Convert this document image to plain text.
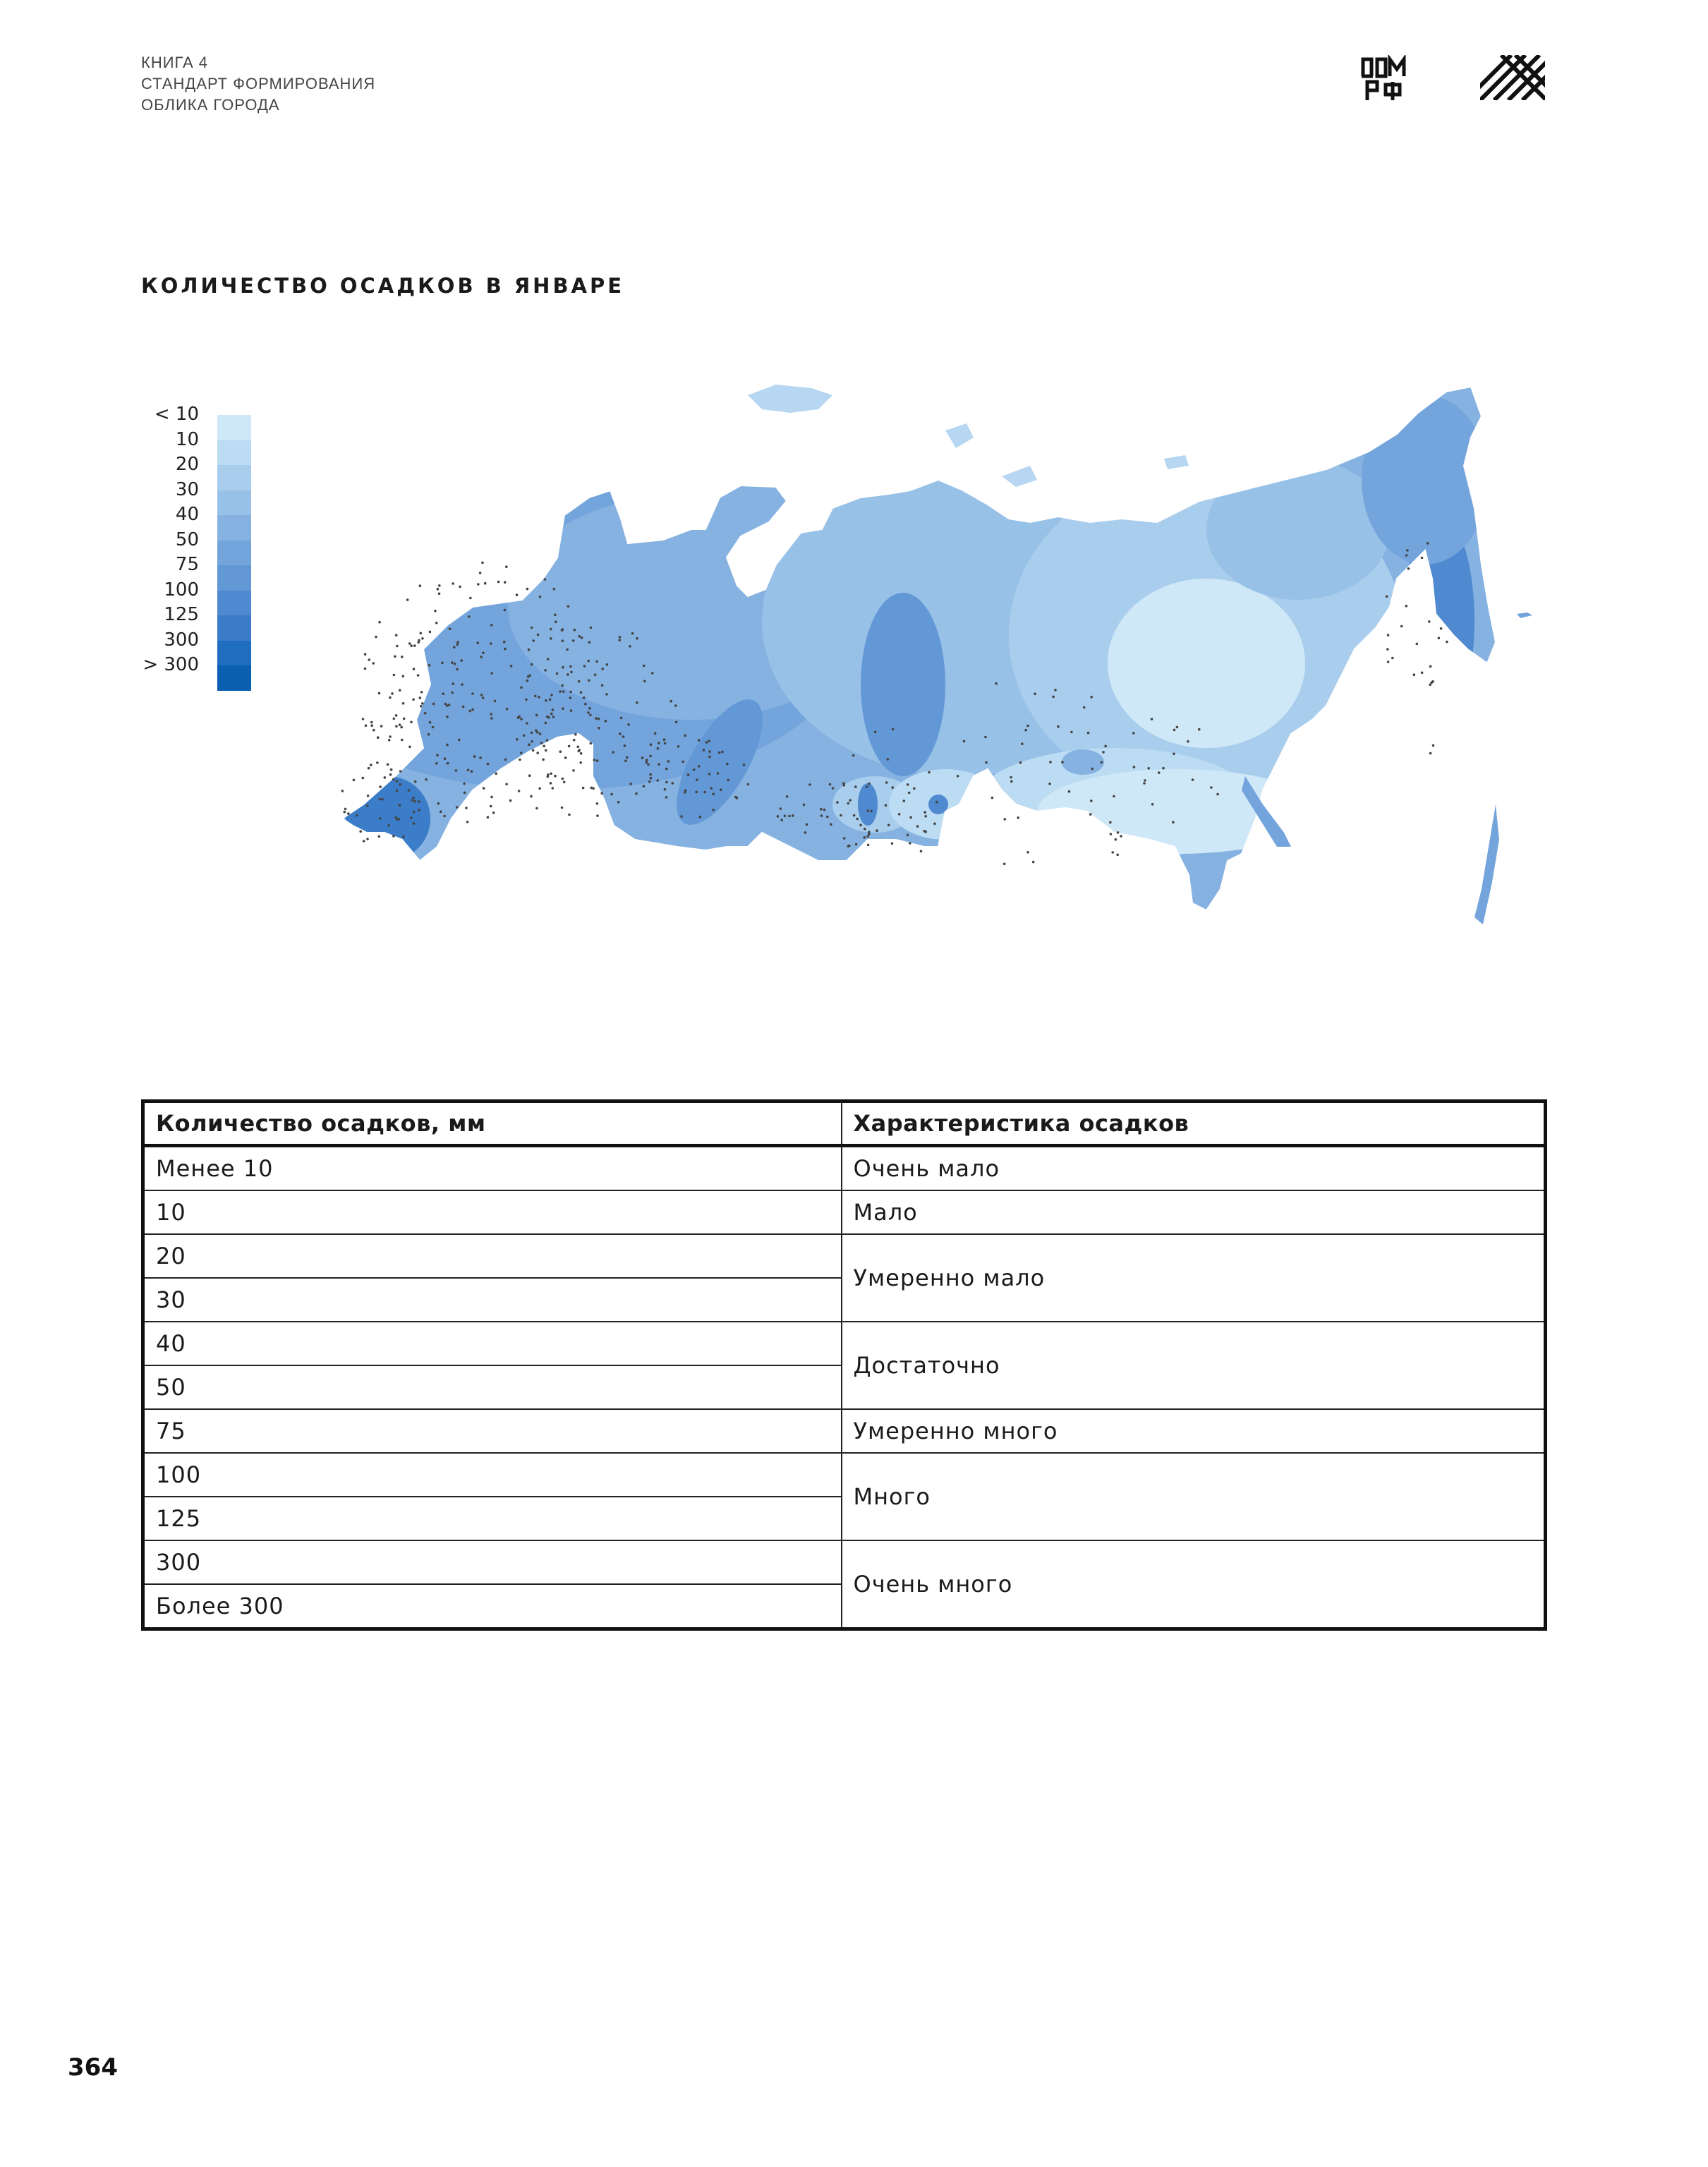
КНИГА 4
СТАНДАРТ ФОРМИРОВАНИЯ
ОБЛИКА ГОРОДА
КОЛИЧЕСТВО ОСАДКОВ В ЯНВАРЕ
< 10
10
20
30
40
50
75
100
125
300
> 300
Количество осадков, мм	Характеристика осадков
Менее 10	Очень мало
10	Мало
20	Умеренно мало
30	
40	Достаточно
50	
75	Умеренно много
100	Много
125	
300	Очень много
Более 300	
364
